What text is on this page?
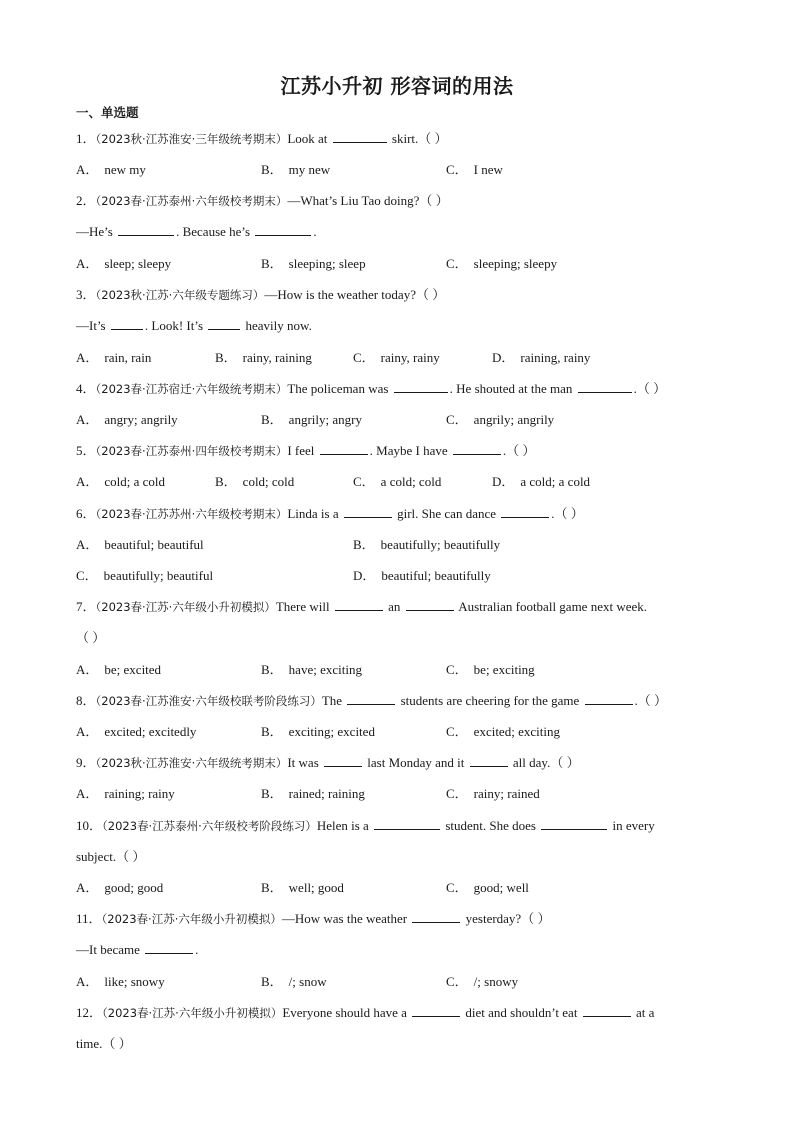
江苏小升初 形容词的用法
一、单选题
1．（2023秋·江苏淮安·三年级统考期末）Look at	skirt.（ ）
A． new my	B． my new	C． I new
2．（2023春·江苏泰州·六年级校考期末）—What’s Liu Tao doing?（ ）
—He’s	. Because he’s	.
A． sleep; sleepy	B． sleeping; sleep	C． sleeping; sleepy
3．（2023秋·江苏·六年级专题练习）—How is the weather today?（ ）
—It’s	. Look! It’s	heavily now.
A． rain, rain	B． rainy, raining	C． rainy, rainy	D． raining, rainy
4．（2023春·江苏宿迁·六年级统考期末）The policeman was	. He shouted at the man	.（ ）
A． angry; angrily	B． angrily; angry	C． angrily; angrily
5．（2023春·江苏泰州·四年级校考期末）I feel	. Maybe I have	.（ ）
A． cold; a cold	B． cold; cold	C． a cold; cold	D． a cold; a cold
6．（2023春·江苏苏州·六年级校考期末）Linda is a	girl. She can dance	.（ ）
A． beautiful; beautiful	B． beautifully; beautifully
C． beautifully; beautiful	D． beautiful; beautifully
7．（2023春·江苏·六年级小升初模拟）There will	an	Australian football game next week.
（ ）
A． be; excited	B． have; exciting	C． be; exciting
8．（2023春·江苏淮安·六年级校联考阶段练习）The	students are cheering for the game	.（ ）
A． excited; excitedly	B． exciting; excited	C． excited; exciting
9．（2023秋·江苏淮安·六年级统考期末）It was	last Monday and it	all day.（ ）
A． raining; rainy	B． rained; raining	C． rainy; rained
10．（2023春·江苏泰州·六年级校考阶段练习）Helen is a	student. She does	in every
subject.（ ）
A． good; good	B． well; good	C． good; well
11．（2023春·江苏·六年级小升初模拟）—How was the weather	yesterday?（ ）
—It became	.
A． like; snowy	B． /; snow	C． /; snowy
12．（2023春·江苏·六年级小升初模拟）Everyone should have a	diet and shouldn’t eat	at a
time.（ ）
